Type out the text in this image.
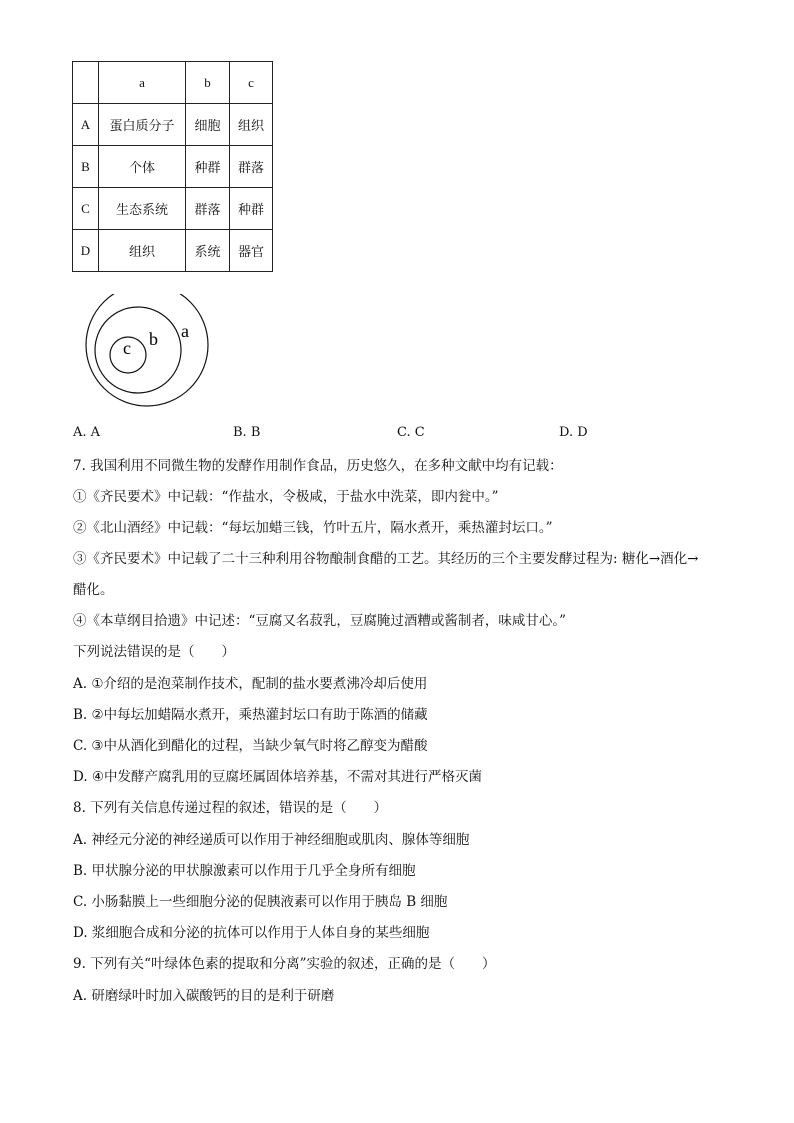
	a	b	c
A	蛋白质分子	细胞	组织
B	个体	种群	群落
C	生态系统	群落	种群
D	组织	系统	器官
a
b
c
A. A	B. B	C. C	D. D
7. 我国利用不同微生物的发酵作用制作食品，历史悠久，在多种文献中均有记载：
①《齐民要术》中记载：“作盐水，令极咸，于盐水中洗菜，即内瓮中。”
②《北山酒经》中记载：“每坛加蜡三钱，竹叶五片，隔水煮开，乘热灌封坛口。”
③《齐民要术》中记载了二十三种利用谷物酿制食醋的工艺。其经历的三个主要发酵过程为: 糖化→酒化→
醋化。
④《本草纲目拾遗》中记述：“豆腐又名菽乳，豆腐腌过酒糟或酱制者，味咸甘心。”
下列说法错误的是（　　）
A. ①介绍的是泡菜制作技术，配制的盐水要煮沸冷却后使用
B. ②中每坛加蜡隔水煮开，乘热灌封坛口有助于陈酒的储藏
C. ③中从酒化到醋化的过程，当缺少氧气时将乙醇变为醋酸
D. ④中发酵产腐乳用的豆腐坯属固体培养基，不需对其进行严格灭菌
8. 下列有关信息传递过程的叙述，错误的是（　　）
A. 神经元分泌的神经递质可以作用于神经细胞或肌肉、腺体等细胞
B. 甲状腺分泌的甲状腺激素可以作用于几乎全身所有细胞
C. 小肠黏膜上一些细胞分泌的促胰液素可以作用于胰岛 B 细胞
D. 浆细胞合成和分泌的抗体可以作用于人体自身的某些细胞
9. 下列有关“叶绿体色素的提取和分离”实验的叙述，正确的是（　　）
A. 研磨绿叶时加入碳酸钙的目的是利于研磨
